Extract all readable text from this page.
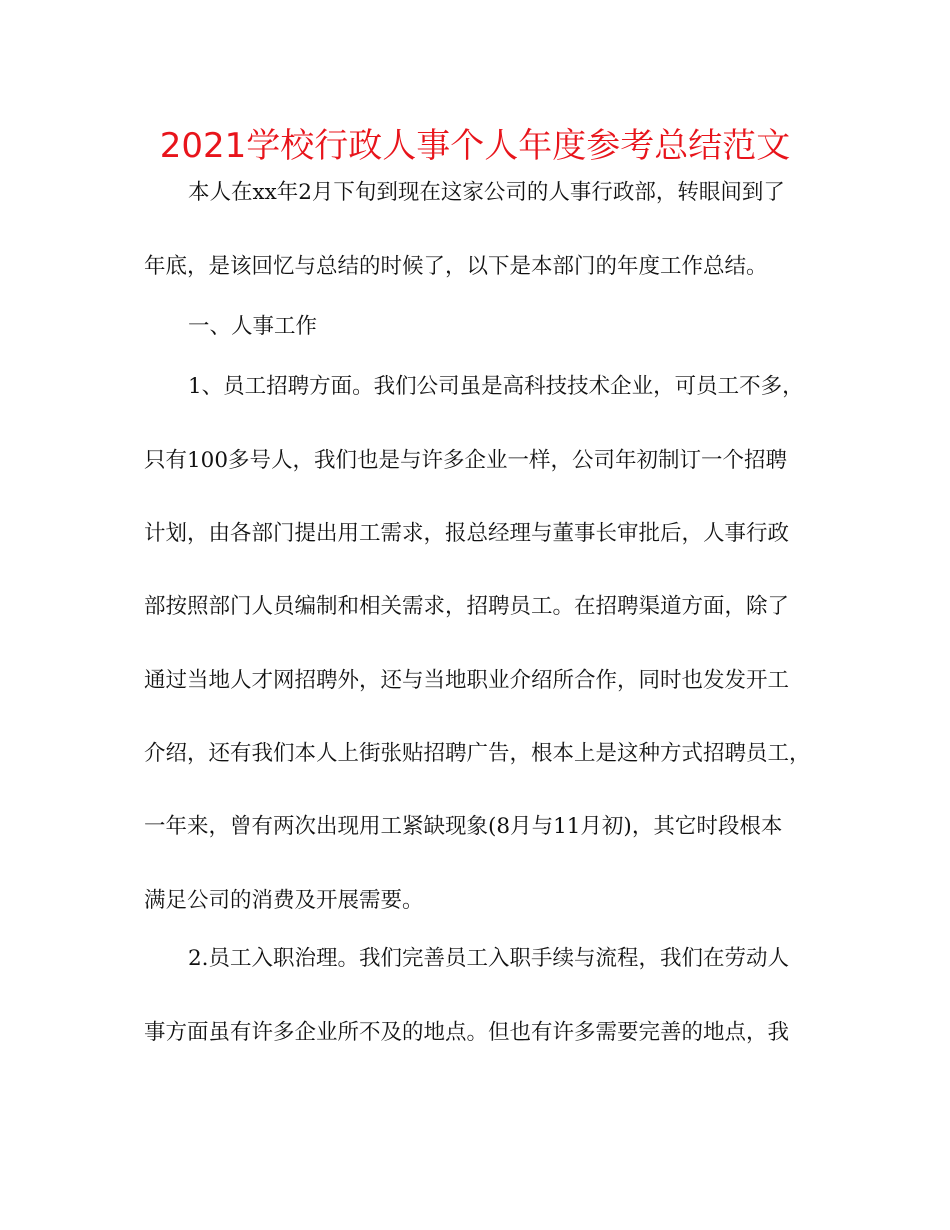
2021学校行政人事个人年度参考总结范文
本人在xx年2月下旬到现在这家公司的人事行政部，转眼间到了
年底，是该回忆与总结的时候了，以下是本部门的年度工作总结。
一、人事工作
1、员工招聘方面。我们公司虽是高科技技术企业，可员工不多，
只有100多号人，我们也是与许多企业一样，公司年初制订一个招聘
计划，由各部门提出用工需求，报总经理与董事长审批后，人事行政
部按照部门人员编制和相关需求，招聘员工。在招聘渠道方面，除了
通过当地人才网招聘外，还与当地职业介绍所合作，同时也发发开工
介绍，还有我们本人上街张贴招聘广告，根本上是这种方式招聘员工，
一年来，曾有两次出现用工紧缺现象(8月与11月初)，其它时段根本
满足公司的消费及开展需要。
2.员工入职治理。我们完善员工入职手续与流程，我们在劳动人
事方面虽有许多企业所不及的地点。但也有许多需要完善的地点，我
